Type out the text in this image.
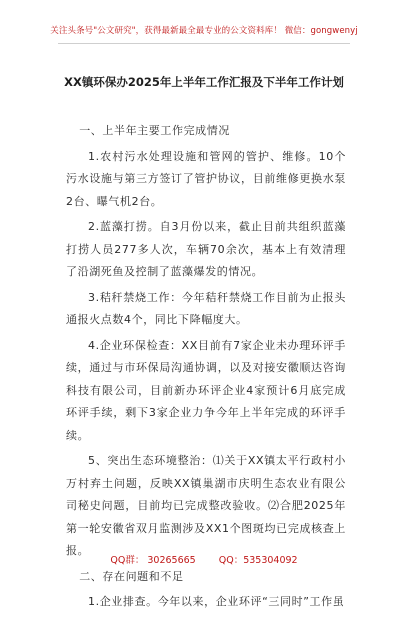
关注头条号"公文研究"，获得最新最全最专业的公文资料库！ 微信：gongwenyj
XX镇环保办2025年上半年工作汇报及下半年工作计划

一、上半年主要工作完成情况

1.农村污水处理设施和管网的管护、维修。10个污水设施与第三方签订了管护协议，目前维修更换水泵2台、曝气机2台。

2.蓝藻打捞。自3月份以来，截止目前共组织蓝藻打捞人员277多人次，车辆70余次，基本上有效清理了沿湖死鱼及控制了蓝藻爆发的情况。

3.秸秆禁烧工作：今年秸秆禁烧工作目前为止报头通报火点数4个，同比下降幅度大。

4.企业环保检查：XX目前有7家企业未办理环评手续，通过与市环保局沟通协调，以及对接安徽顺达咨询科技有限公司，目前新办环评企业4家预计6月底完成环评手续，剩下3家企业力争今年上半年完成的环评手续。

5、突出生态环境整治：⑴关于XX镇太平行政村小万村弃土问题，反映XX镇巢湖市庆明生态农业有限公司秘史问题，目前均已完成整改验收。⑵合肥2025年第一轮安徽省双月监测涉及XX1个图斑均已完成核查上报。

二、存在问题和不足

1.企业排查。今年以来，企业环评“三同时”工作虽

QQ群： 30265665 QQ：535304092
